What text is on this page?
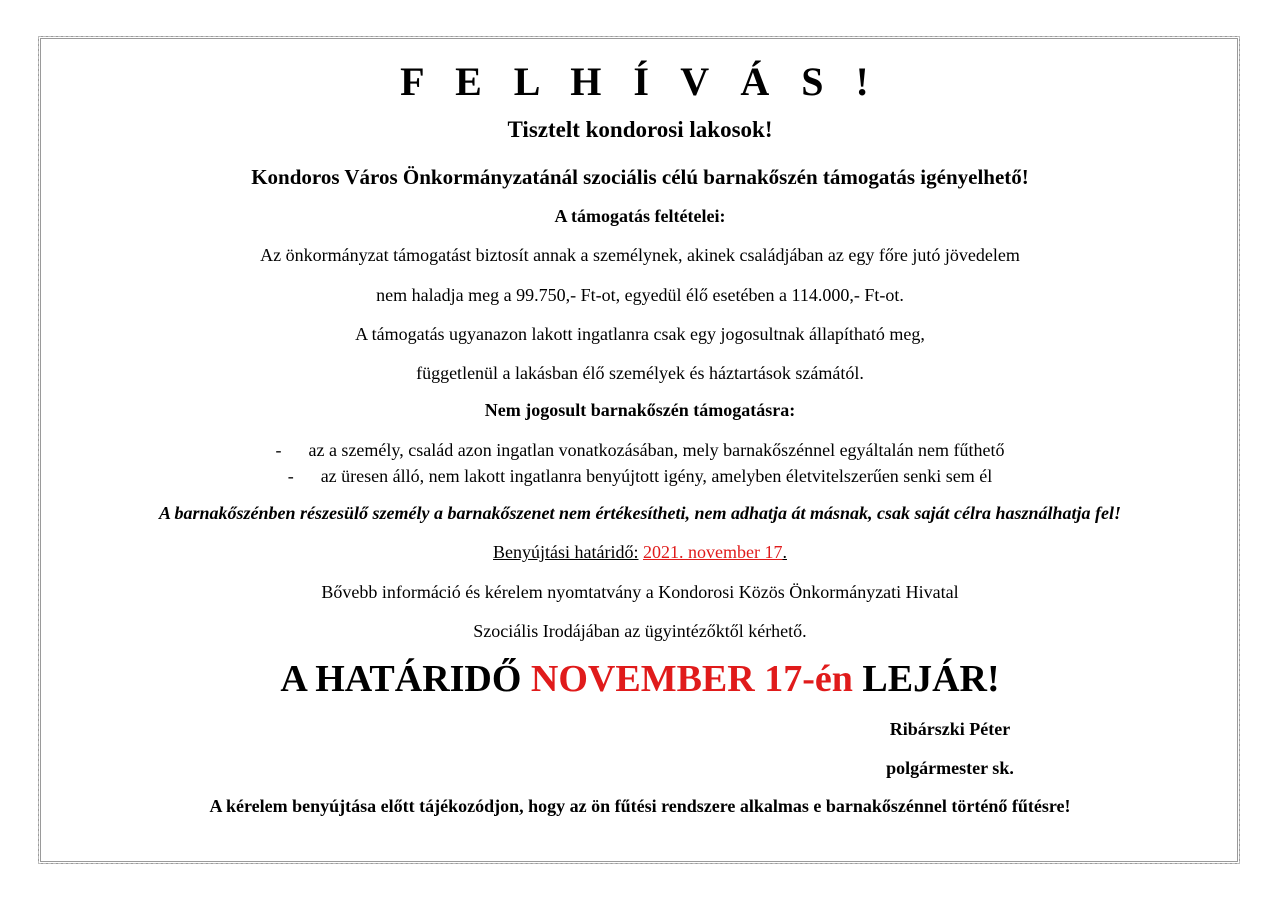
F E L H Í V Á S !
Tisztelt kondorosi lakosok!
Kondoros Város Önkormányzatánál szociális célú barnakőszén támogatás igényelhető!
A támogatás feltételei:
Az önkormányzat támogatást biztosít annak a személynek, akinek családjában az egy főre jutó jövedelem
nem haladja meg a 99.750,- Ft-ot, egyedül élő esetében a 114.000,- Ft-ot.
A támogatás ugyanazon lakott ingatlanra csak egy jogosultnak állapítható meg,
függetlenül a lakásban élő személyek és háztartások számától.
Nem jogosult barnakőszén támogatásra:
- az a személy, család azon ingatlan vonatkozásában, mely barnakőszénnel egyáltalán nem fűthető
- az üresen álló, nem lakott ingatlanra benyújtott igény, amelyben életvitelszerűen senki sem él
A barnakőszénben részesülő személy a barnakőszenet nem értékesítheti, nem adhatja át másnak, csak saját célra használhatja fel!
Benyújtási határidő: 2021. november 17.
Bővebb információ és kérelem nyomtatvány a Kondorosi Közös Önkormányzati Hivatal
Szociális Irodájában az ügyintézőktől kérhető.
A HATÁRIDŐ NOVEMBER 17-én LEJÁR!
Ribárszki Péter
polgármester sk.
A kérelem benyújtása előtt tájékozódjon, hogy az ön fűtési rendszere alkalmas e barnakőszénnel történő fűtésre!
